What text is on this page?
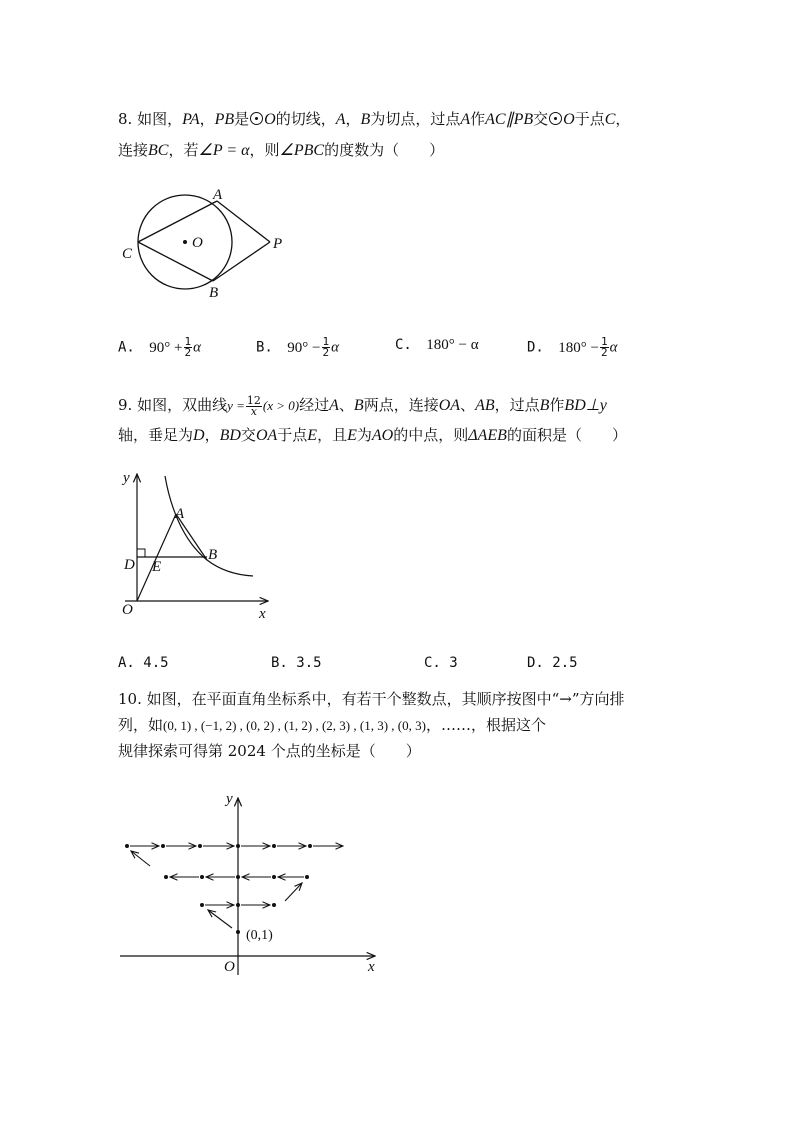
8. 如图，PA，PB是 O的切线，A，B为切点，过点A作AC∥PB交 O于点C，
连接BC，若∠P = α，则∠PBC的度数为（　　）
A
O	P
C
B
A. $90^\circ + \frac{1}{2}$ α	B. $90^\circ - \frac{1}{2}$ α	C. 180° − α	D. $180^\circ - \frac{1}{2}$ α
9. 如图，双曲线$y = \frac{12}{x} (x > 0)$经过A、B两点，连接OA、AB，过点B作BD⊥y
轴，垂足为D，BD交OA于点E，且E为AO的中点，则ΔAEB的面积是（　　）
y
A
D
B
E
O	x
A. 4.5	B. 3.5	C. 3	D. 2.5
10. 如图，在平面直角坐标系中，有若干个整数点，其顺序按图中“→”方向排
列，如(0, 1) , (−1, 2) , (0, 2) , (1, 2) , (2, 3) , (1, 3) , (0, 3)，……，根据这个
规律探索可得第 2024 个点的坐标是（　　）
y
x
O
(0,1)
